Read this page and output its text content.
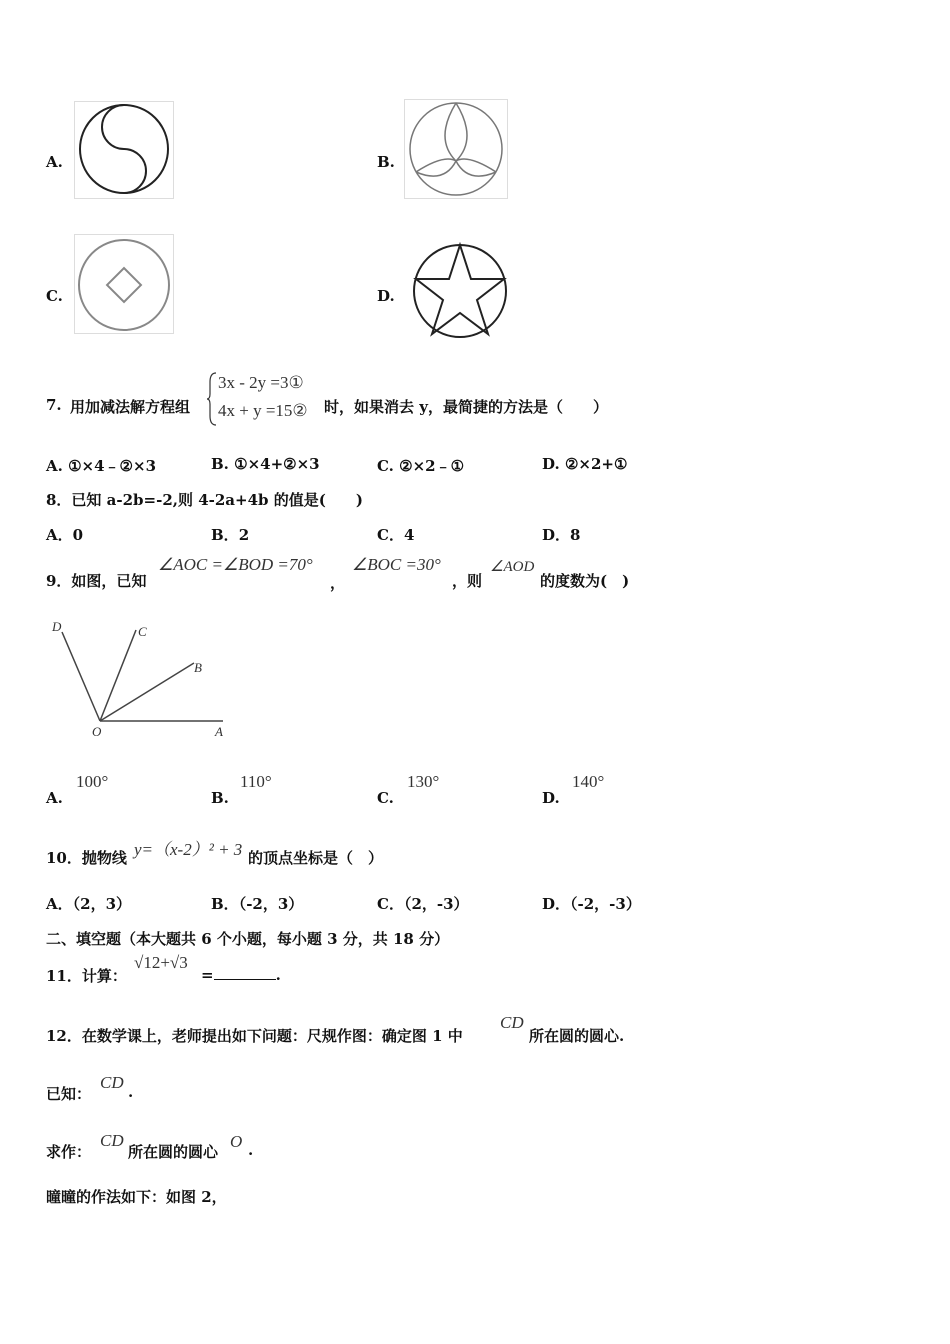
A.	B.
C.	D.
7. 用加减法解方程组
3x - 2y =3①
4x + y =15② 时，如果消去 y，最简捷的方法是（　　）
A. ①×4﹣②×3	B. ①×4+②×3	C. ②×2﹣①	D. ②×2+①
8．已知 a-2b=-2,则 4-2a+4b 的值是(　　)
A．0	B．2	C．4	D．8
9．如图，已知
∠AOC =∠BOD =70°
，
∠BOC =30°
，则
∠AOD
的度数为(　)
D	C
B
O	A
A.
100°
B.
110°
C.
130°
D.
140°
10．抛物线 y=（x-2）² + 3 的顶点坐标是（　）
A．（2，3）	B．（-2，3）	C．（2，-3）	D．（-2，-3）
二、填空题（本大题共 6 个小题，每小题 3 分，共 18 分）
11．计算：
√12+√3
=	.
12．在数学课上，老师提出如下问题：尺规作图：确定图 1 中
CD
所在圆的圆心.
已知：
CD .
求作：
CD
所在圆的圆心
O .
曈曈的作法如下：如图 2，
